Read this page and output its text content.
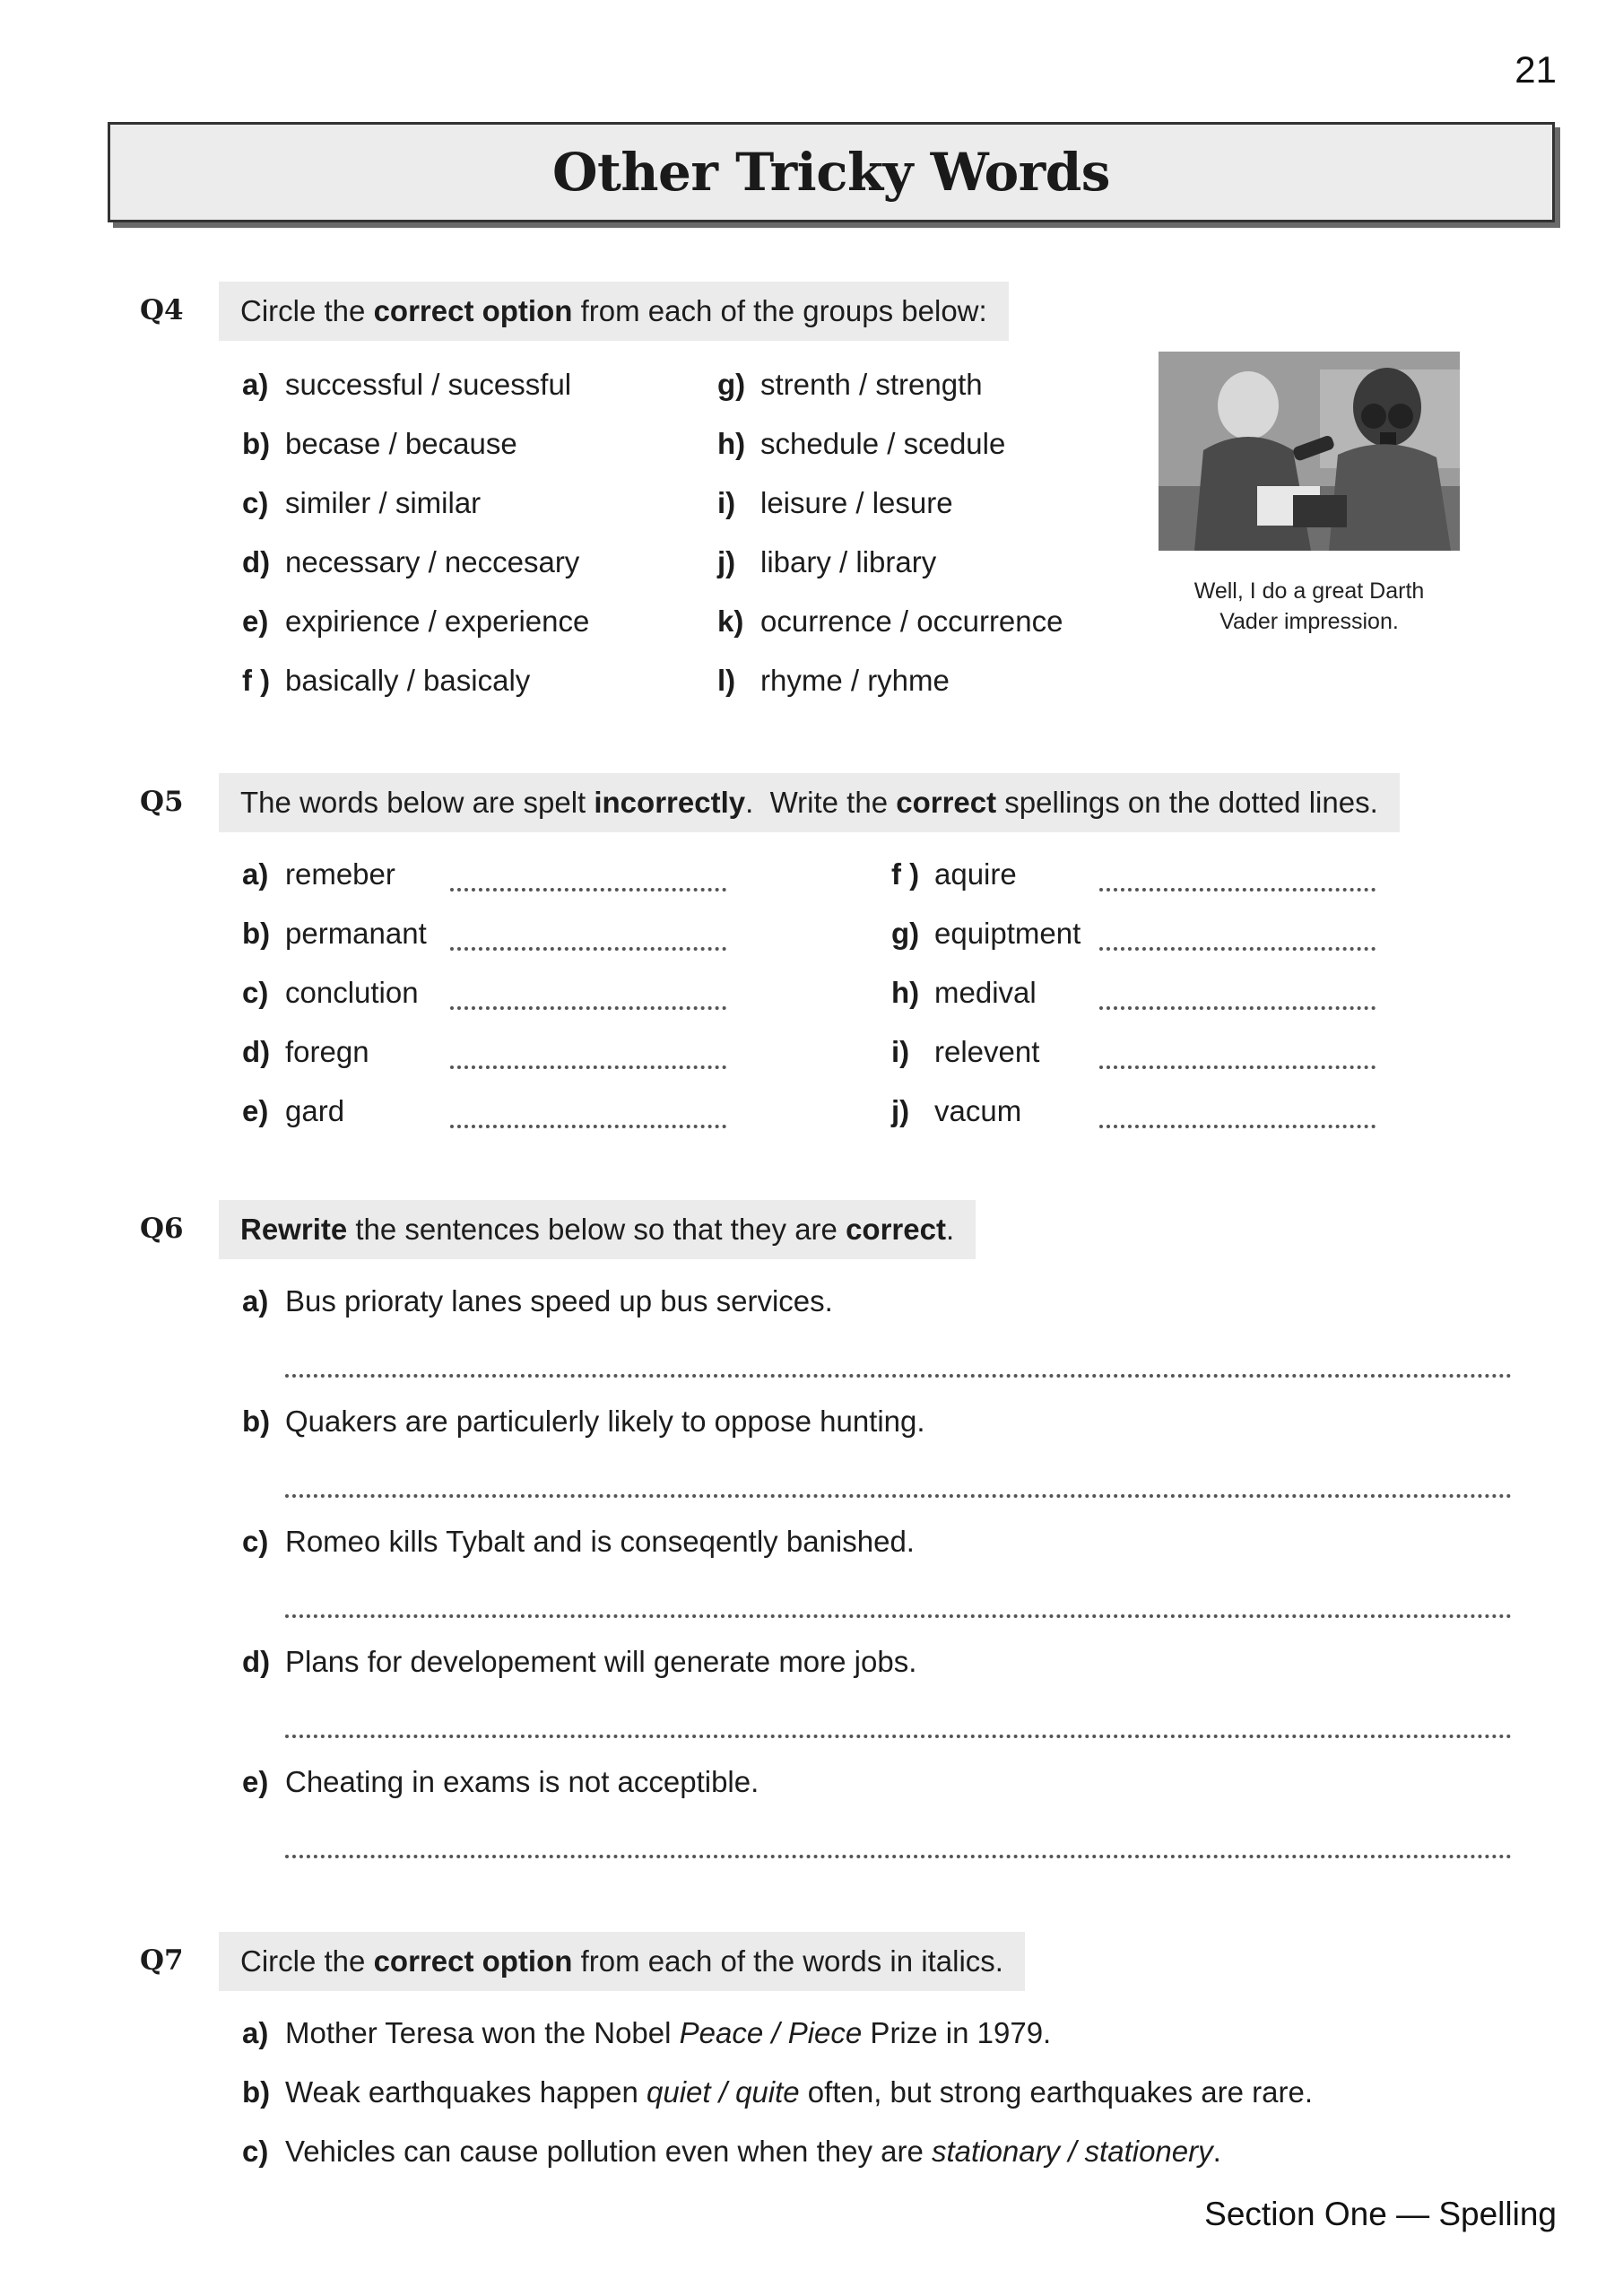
21
Other Tricky Words
Q4 Circle the correct option from each of the groups below:
a) successful / sucessful
b) becase / because
c) similer / similar
d) necessary / neccesary
e) expirience / experience
f ) basically / basicaly
g) strenth / strength
h) schedule / scedule
i) leisure / lesure
j) libary / library
k) ocurrence / occurrence
l) rhyme / ryhme
Well, I do a great Darth
Vader impression.
Q5 The words below are spelt incorrectly .  Write the correct spellings on the dotted lines.
a) remeber
b) permanant
c) conclution
d) foregn
e) gard
f ) aquire
g) equiptment
h) medival
i) relevent
j) vacum
Q6 Rewrite the sentences below so that they are correct .
a) Bus prioraty lanes speed up bus services.
b) Quakers are particulerly likely to oppose hunting.
c) Romeo kills Tybalt and is conseqently banished.
d) Plans for developement will generate more jobs.
e) Cheating in exams is not acceptible.
Q7 Circle the correct option from each of the words in italics.
a) Mother Teresa won the Nobel Peace / Piece Prize in 1979.
b) Weak earthquakes happen quiet / quite often, but strong earthquakes are rare.
c) Vehicles can cause pollution even when they are stationary / stationery .
Section One — Spelling
